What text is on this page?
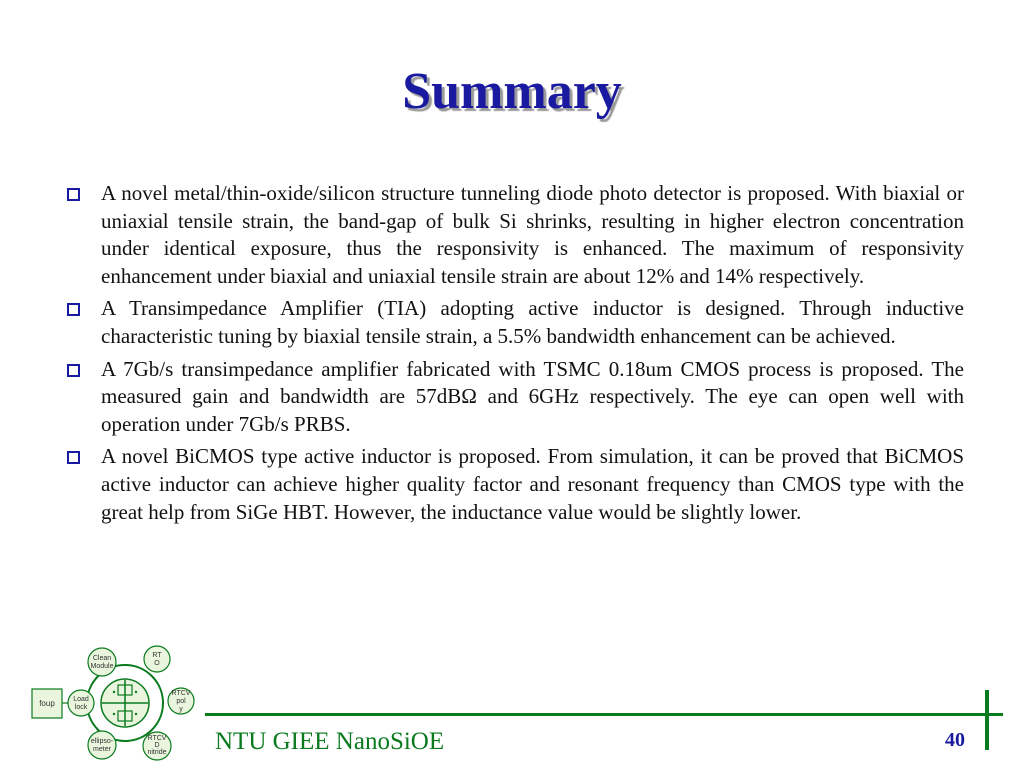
Summary
A novel metal/thin-oxide/silicon structure tunneling diode photo detector is proposed. With biaxial or uniaxial tensile strain, the band-gap of bulk Si shrinks, resulting in higher electron concentration under identical exposure, thus the responsivity is enhanced. The maximum of responsivity enhancement under biaxial and uniaxial tensile strain are about 12% and 14% respectively.
A Transimpedance Amplifier (TIA) adopting active inductor is designed. Through inductive characteristic tuning by biaxial tensile strain, a 5.5% bandwidth enhancement can be achieved.
A 7Gb/s transimpedance amplifier fabricated with TSMC 0.18um CMOS process is proposed. The measured gain and bandwidth are 57dBΩ and 6GHz respectively. The eye can open well with operation under 7Gb/s PRBS.
A novel BiCMOS type active inductor is proposed. From simulation, it can be proved that BiCMOS active inductor can achieve higher quality factor and resonant frequency than CMOS type with the great help from SiGe HBT. However, the inductance value would be slightly lower.
foup	Load
lock
Clean
Module
RT
O
RTCV
pol
y
RTCV
D
nitride
ellipso-
meter	NTU GIEE NanoSiOE	40
